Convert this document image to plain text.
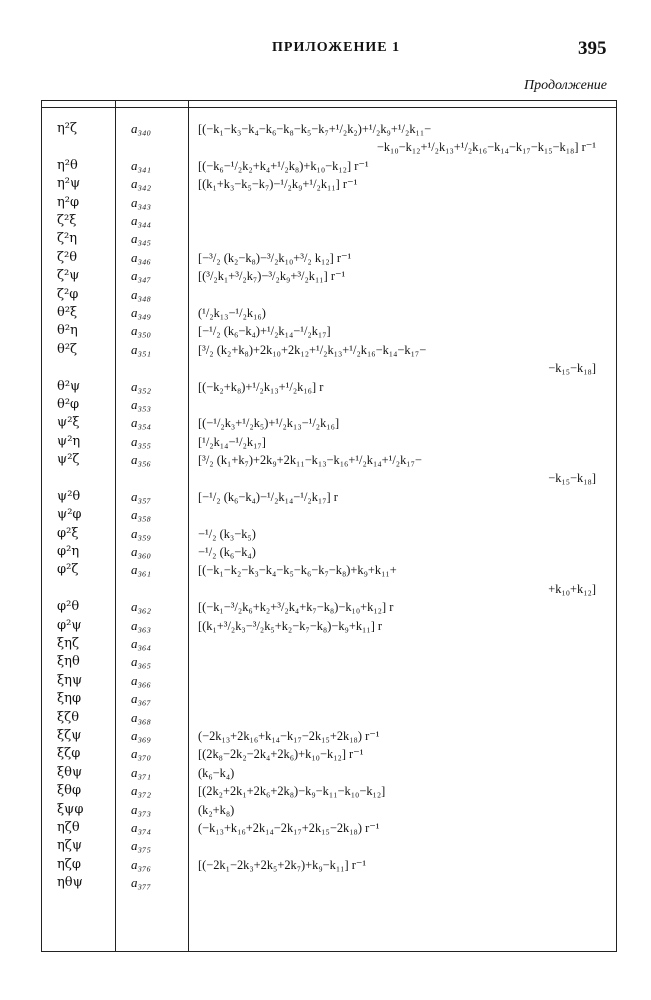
ПРИЛОЖЕНИЕ 1	395
Продолжение
η²ζ	a₃₄₀	[(−k₁−k₃−k₄−k₆−k₈−k₅−k₇+¹/₂k₂)+¹/₂k₉+¹/₂k₁₁−
−k₁₀−k₁₂+¹/₂k₁₃+¹/₂k₁₆−k₁₄−k₁₇−k₁₅−k₁₈] r⁻¹
η²θ	a₃₄₁	[(−k₆−¹/₂k₂+k₄+¹/₂k₈)+k₁₀−k₁₂] r⁻¹
η²ψ	a₃₄₂	[(k₁+k₃−k₅−k₇)−¹/₂k₉+¹/₂k₁₁] r⁻¹
η²φ	a₃₄₃
ζ²ξ	a₃₄₄
ζ²η	a₃₄₅
ζ²θ	a₃₄₆	[−³/₂ (k₂−k₈)−³/₂k₁₀+³/₂ k₁₂] r⁻¹
ζ²ψ	a₃₄₇	[(³/₂k₁+³/₂k₇)−³/₂k₉+³/₂k₁₁] r⁻¹
ζ²φ	a₃₄₈
θ²ξ	a₃₄₉	(¹/₂k₁₃−¹/₂k₁₆)
θ²η	a₃₅₀	[−¹/₂ (k₆−k₄)+¹/₂k₁₄−¹/₂k₁₇]
θ²ζ	a₃₅₁	[³/₂ (k₂+k₈)+2k₁₀+2k₁₂+¹/₂k₁₃+¹/₂k₁₆−k₁₄−k₁₇−
−k₁₅−k₁₈]
θ²ψ	a₃₅₂	[(−k₂+k₈)+¹/₂k₁₃+¹/₂k₁₆] r
θ²φ	a₃₅₃
ψ²ξ	a₃₅₄	[(−¹/₂k₃+¹/₂k₅)+¹/₂k₁₃−¹/₂k₁₆]
ψ²η	a₃₅₅	[¹/₂k₁₄−¹/₂k₁₇]
ψ²ζ	a₃₅₆	[³/₂ (k₁+k₇)+2k₉+2k₁₁−k₁₃−k₁₆+¹/₂k₁₄+¹/₂k₁₇−
−k₁₅−k₁₈]
ψ²θ	a₃₅₇	[−¹/₂ (k₆−k₄)−¹/₂k₁₄−¹/₂k₁₇] r
ψ²φ	a₃₅₈
φ²ξ	a₃₅₉	−¹/₂ (k₃−k₅)
φ²η	a₃₆₀	−¹/₂ (k₆−k₄)
φ²ζ	a₃₆₁	[(−k₁−k₂−k₃−k₄−k₅−k₆−k₇−k₈)+k₉+k₁₁+
+k₁₀+k₁₂]
φ²θ	a₃₆₂	[(−k₁−³/₂k₆+k₂+³/₂k₄+k₇−k₈)−k₁₀+k₁₂] r
φ²ψ	a₃₆₃	[(k₁+³/₂k₃−³/₂k₅+k₂−k₇−k₈)−k₉+k₁₁] r
ξηζ	a₃₆₄
ξηθ	a₃₆₅
ξηψ	a₃₆₆
ξηφ	a₃₆₇
ξζθ	a₃₆₈
ξζψ	a₃₆₉	(−2k₁₃+2k₁₆+k₁₄−k₁₇−2k₁₅+2k₁₈) r⁻¹
ξζφ	a₃₇₀	[(2k₈−2k₂−2k₄+2k₆)+k₁₀−k₁₂] r⁻¹
ξθψ	a₃₇₁	(k₆−k₄)
ξθφ	a₃₇₂	[(2k₂+2k₁+2k₆+2k₈)−k₉−k₁₁−k₁₀−k₁₂]
ξψφ	a₃₇₃	(k₂+k₈)
ηζθ	a₃₇₄	(−k₁₃+k₁₆+2k₁₄−2k₁₇+2k₁₅−2k₁₈) r⁻¹
ηζψ	a₃₇₅
ηζφ	a₃₇₆	[(−2k₁−2k₃+2k₅+2k₇)+k₉−k₁₁] r⁻¹
ηθψ	a₃₇₇
